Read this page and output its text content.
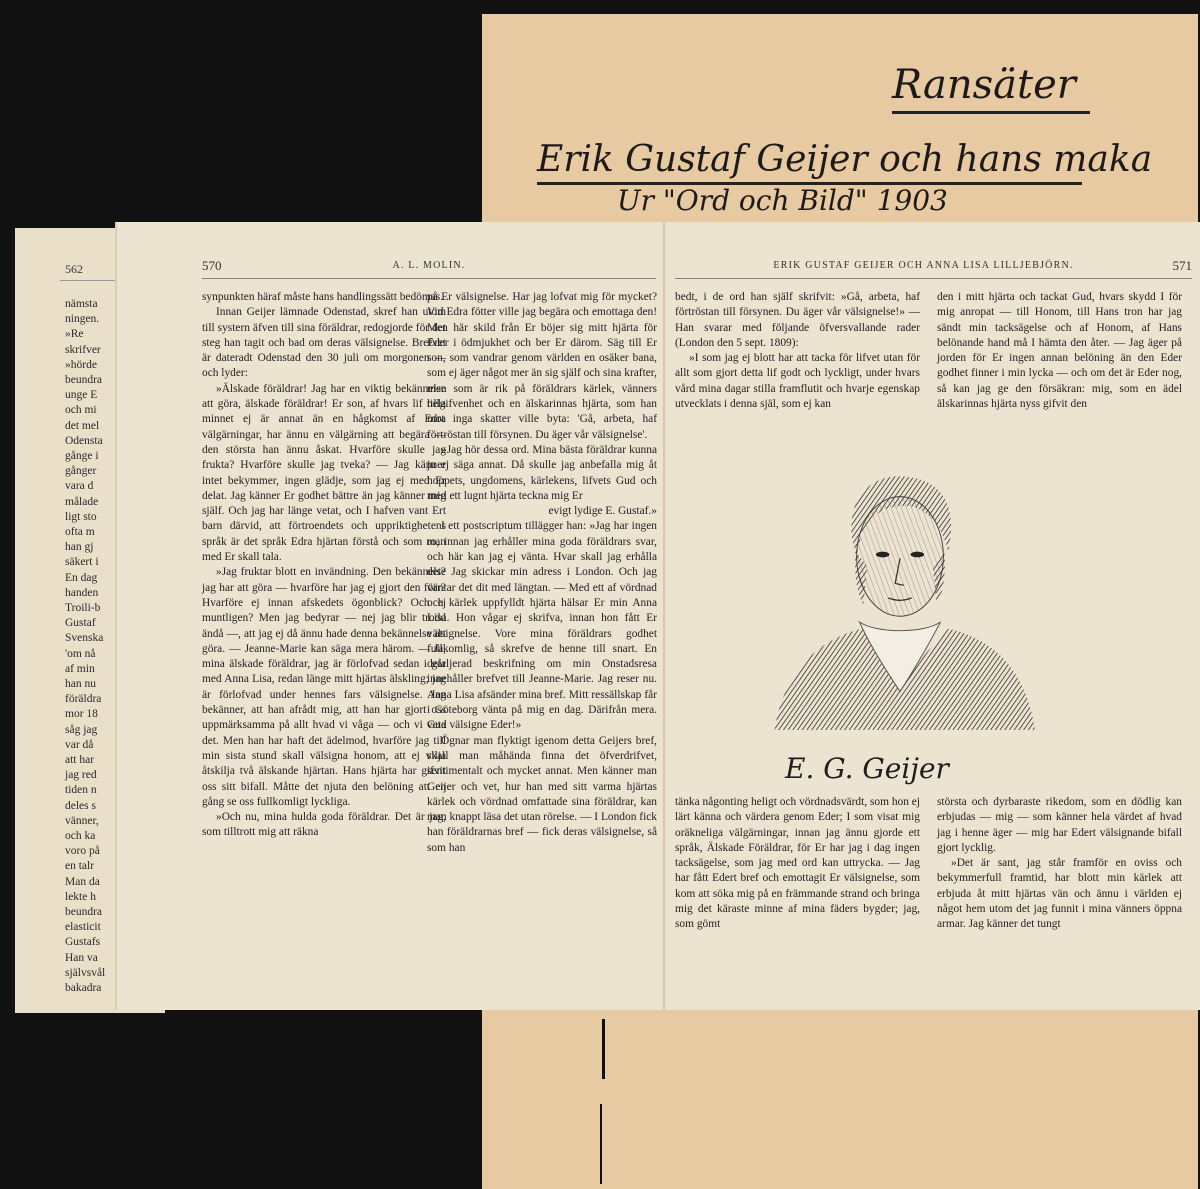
Ransäter
Erik Gustaf Geijer och hans maka
Ur "Ord och Bild" 1903
562
nämsta
ningen.
»Re
skrifver
»hörde
beundra
unge E
och mi
det mel
Odensta
gånge i
gånger
vara d
målade
ligt sto
ofta m
han gj
säkert i
En dag
handen
Troili-b
Gustaf
Svenska
'om nå
af min
han nu
föräldra
mor 18
såg jag
var då
att har
jag red
tiden n
deles s
vänner,
och ka
voro på
en talr
Man da
lekte h
beundra
elasticit
Gustafs
Han va
självsvål
bakadra
570	A. L. MOLIN.

synpunkten häraf måste hans handlingssätt bedömas.

Innan Geijer lämnade Odenstad, skref han utom till systern äfven till sina föräldrar, redogjorde för det steg han tagit och bad om deras välsignelse. Brefvet är dateradt Odenstad den 30 juli om morgonen — och lyder:

»Älskade föräldrar! Jag har en viktig bekännelse att göra, älskade föräldrar! Er son, af hvars lif hela minnet ej är annat än en hågkomst af Edra välgärningar, har ännu en välgärning att begära — den största han ännu åskat. Hvarföre skulle jag frukta? Hvarföre skulle jag tveka? — Jag känner intet bekymmer, ingen glädje, som jag ej med Er delat. Jag känner Er godhet bättre än jag känner mig själf. Och jag har länge vetat, och I hafven vant Ert barn därvid, att förtroendets och uppriktighetens språk är det språk Edra hjärtan förstå och som man med Er skall tala.

»Jag fruktar blott en invändning. Den bekännelse jag har att göra — hvarföre har jag ej gjort den förr? Hvarföre ej innan afskedets ögonblick? Och ej muntligen? Men jag bedyrar — nej jag blir trodd ändå —, att jag ej då ännu hade denna bekännelse att göra. — Jeanne-Marie kan säga mera härom. — Ja, mina älskade föräldrar, jag är förlofvad sedan i går med Anna Lisa, redan länge mitt hjärtas älskling; jag är förlofvad under hennes fars välsignelse. Jag bekänner, att han afrådt mig, att han har gjort oss uppmärksamma på allt hvad vi våga — och vi veta det. Men han har haft det ädelmod, hvarföre jag till min sista stund skall välsigna honom, att ej vilja åtskilja två älskande hjärtan. Hans hjärta har gifvit oss sitt bifall. Måtte det njuta den belöning att en gång se oss fullkomligt lyckliga.

»Och nu, mina hulda goda föräldrar. Det är jag, som tilltrott mig att räkna

på Er välsignelse. Har jag lofvat mig för mycket? Vid Edra fötter ville jag begära och emottaga den! Men här skild från Er böjer sig mitt hjärta för Eder i ödmjukhet och ber Er därom. Säg till Er son, som vandrar genom världen en osäker bana, som ej äger något mer än sig själf och sina krafter, men som är rik på föräldrars kärlek, vänners tillgifvenhet och en älskarinnas hjärta, som han mot inga skatter ville byta: 'Gå, arbeta, haf förtröstan till försynen. Du äger vår välsignelse'.

»Jag hör dessa ord. Mina bästa föräldrar kunna ju ej säga annat. Då skulle jag anbefalla mig åt hoppets, ungdomens, kärlekens, lifvets Gud och med ett lugnt hjärta teckna mig Er

evigt lydige E. Gustaf.»

I ett postscriptum tillägger han: »Jag har ingen ro, innan jag erhåller mina goda föräldrars svar, och här kan jag ej vänta. Hvar skall jag erhålla det? Jag skickar min adress i London. Och jag väntar det dit med längtan. — Med ett af vördnad och kärlek uppfylldt hjärta hälsar Er min Anna Lisa. Hon vågar ej skrifva, innan hon fått Er välsignelse. Vore mina föräldrars godhet fullkomlig, så skrefve de henne till snart. En detaljerad beskrifning om min Onstadsresa innehåller brefvet till Jeanne-Marie. Jag reser nu. Anna Lisa afsänder mina bref. Mitt ressällskap får i Göteborg vänta på mig en dag. Därifrån mera. Gud välsigne Eder!»

Ögnar man flyktigt igenom detta Geijers bref, skall man måhända finna det öfverdrifvet, sentimentalt och mycket annat. Men känner man Geijer och vet, hur han med sitt varma hjärtas kärlek och vördnad omfattade sina föräldrar, kan man knappt läsa det utan rörelse. — I London fick han föräldrarnas bref — fick deras välsignelse, så som han

ERIK GUSTAF GEIJER OCH ANNA LISA LILLJEBJÖRN.	571

bedt, i de ord han själf skrifvit: »Gå, arbeta, haf förtröstan till försynen. Du äger vår välsignelse!» — Han svarar med följande öfversvallande rader (London den 5 sept. 1809):

»I som jag ej blott har att tacka för lifvet utan för allt som gjort detta lif godt och lyckligt, under hvars vård mina dagar stilla framflutit och hvarje egenskap utvecklats i denna själ, som ej kan

den i mitt hjärta och tackat Gud, hvars skydd I för mig anropat — till Honom, till Hans tron har jag sändt min tacksägelse och af Honom, af Hans belönande hand må I hämta den åter. — Jag äger på jorden för Er ingen annan belöning än den Eder godhet finner i min lycka — och om det är Eder nog, så kan jag ge den försäkran: mig, som en ädel älskarinnas hjärta nyss gifvit den

E. G. Geijer

tänka någonting heligt och vördnadsvärdt, som hon ej lärt känna och värdera genom Eder; I som visat mig oräkneliga välgärningar, innan jag ännu gjorde ett språk, Älskade Föräldrar, för Er har jag i dag ingen tacksägelse, som jag med ord kan uttrycka. — Jag har fått Edert bref och emottagit Er välsignelse, som kom att söka mig på en främmande strand och bringa mig det käraste minne af mina fäders bygder; jag, som gömt

största och dyrbaraste rikedom, som en dödlig kan erbjudas — mig — som känner hela värdet af hvad jag i henne äger — mig har Edert välsignande bifall gjort lycklig.

»Det är sant, jag står framför en oviss och bekymmerfull framtid, har blott min kärlek att erbjuda åt mitt hjärtas vän och ännu i världen ej något hem utom det jag funnit i mina vänners öppna armar. Jag känner det tungt
